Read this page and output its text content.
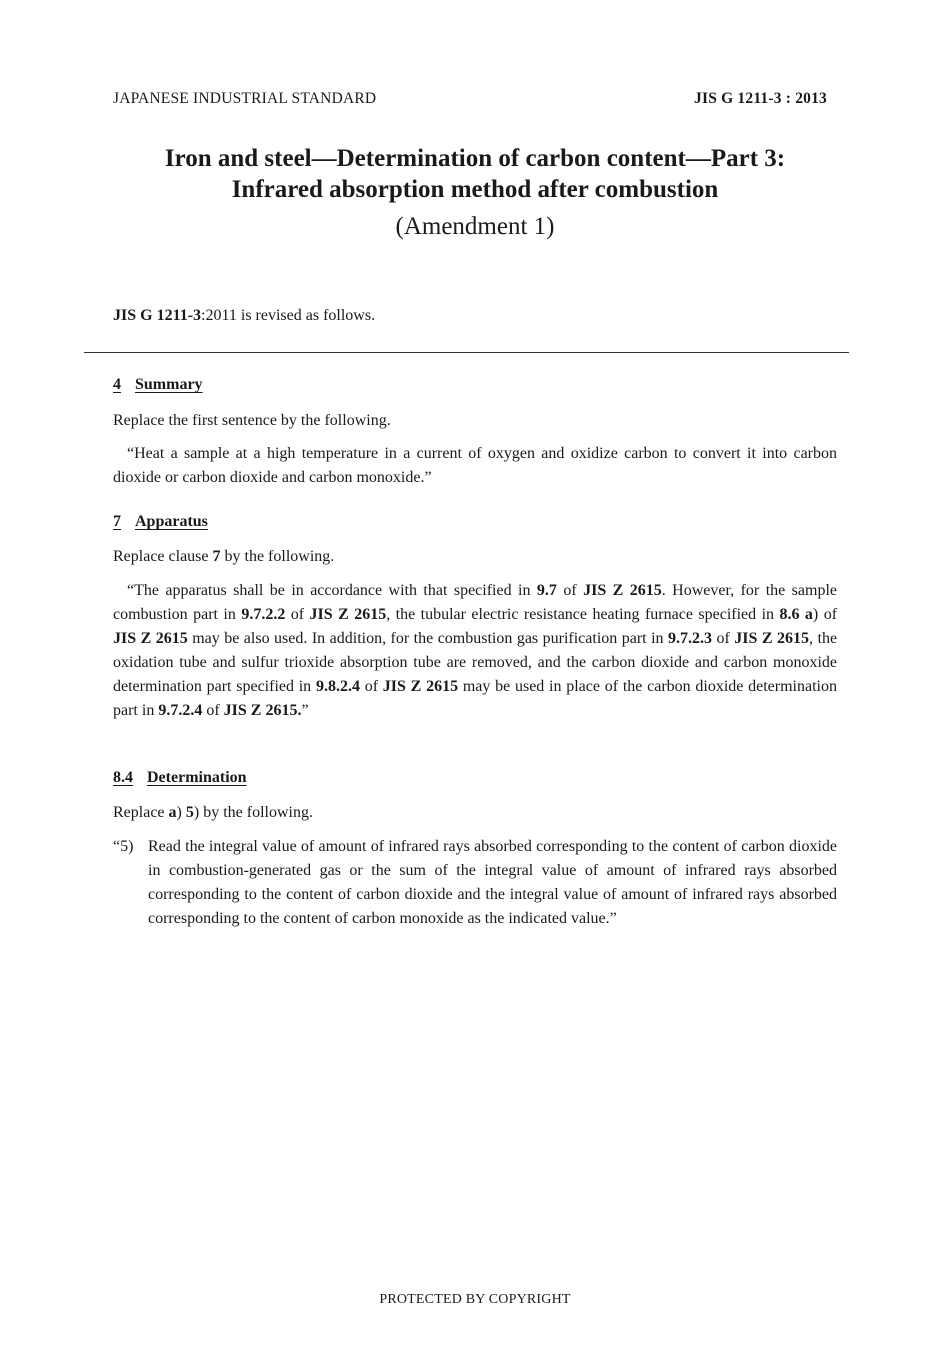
JAPANESE INDUSTRIAL STANDARD	JIS G 1211-3 : 2013
Iron and steel—Determination of carbon content—Part 3:
Infrared absorption method after combustion
(Amendment 1)
JIS G 1211-3:2011 is revised as follows.
4 Summary
Replace the first sentence by the following.
“Heat a sample at a high temperature in a current of oxygen and oxidize carbon to convert it into carbon dioxide or carbon dioxide and carbon monoxide.”
7 Apparatus
Replace clause 7 by the following.
“The apparatus shall be in accordance with that specified in 9.7 of JIS Z 2615. However, for the sample combustion part in 9.7.2.2 of JIS Z 2615, the tubular electric resistance heating furnace specified in 8.6 a) of JIS Z 2615 may be also used. In addition, for the combustion gas purification part in 9.7.2.3 of JIS Z 2615, the oxidation tube and sulfur trioxide absorption tube are removed, and the carbon dioxide and carbon monoxide determination part specified in 9.8.2.4 of JIS Z 2615 may be used in place of the carbon dioxide determination part in 9.7.2.4 of JIS Z 2615.”
8.4 Determination
Replace a) 5) by the following.
“5) Read the integral value of amount of infrared rays absorbed corresponding to the content of carbon dioxide in combustion-generated gas or the sum of the integral value of amount of infrared rays absorbed corresponding to the content of carbon dioxide and the integral value of amount of infrared rays absorbed corresponding to the content of carbon monoxide as the indicated value.”
PROTECTED BY COPYRIGHT
